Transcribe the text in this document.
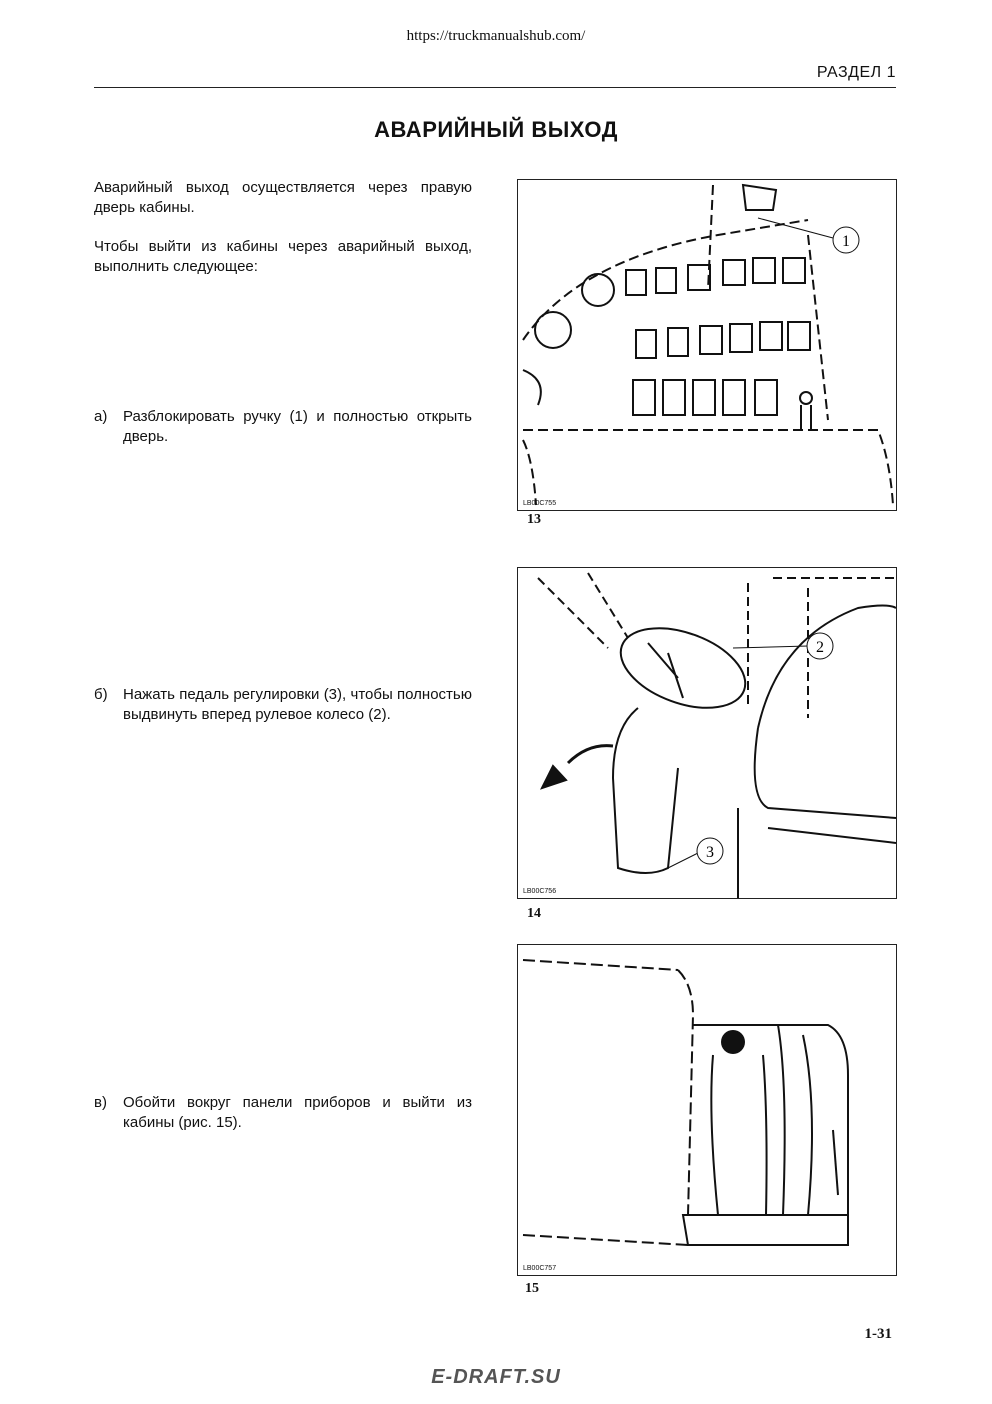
https://truckmanualshub.com/
РАЗДЕЛ 1
АВАРИЙНЫЙ ВЫХОД
Аварийный выход осуществляется через правую дверь кабины.
Чтобы выйти из кабины через аварийный выход, выполнить следующее:
а) Разблокировать ручку (1) и полностью открыть дверь.
б) Нажать педаль регулировки (3), чтобы полностью выдвинуть вперед рулевое колесо (2).
в) Обойти вокруг панели приборов и выйти из кабины (рис. 15).
1
LB00C755
13
2
3
LB00C756
14
LB00C757
15
1-31
E-DRAFT.SU
